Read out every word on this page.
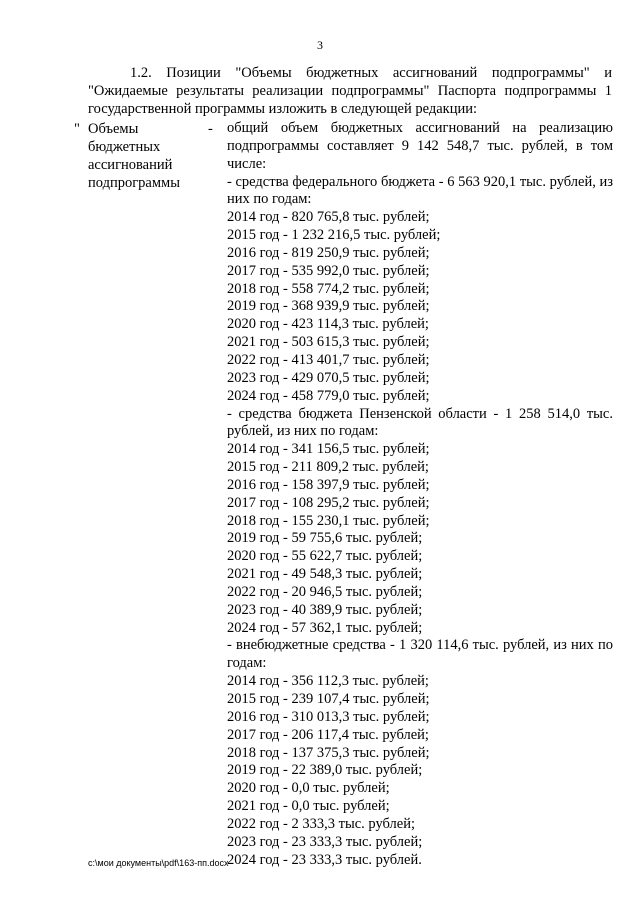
3
1.2. Позиции "Объемы бюджетных ассигнований подпрограммы" и "Ожидаемые результаты реализации подпрограммы" Паспорта подпрограммы 1 государственной программы изложить в следующей редакции:
" Объемы бюджетных ассигнований подпрограммы
- общий объем бюджетных ассигнований на реализацию подпрограммы составляет 9 142 548,7 тыс. рублей, в том числе:
- средства федерального бюджета - 6 563 920,1 тыс. рублей, из них по годам:
2014 год - 820 765,8 тыс. рублей;
2015 год - 1 232 216,5 тыс. рублей;
2016 год - 819 250,9 тыс. рублей;
2017 год - 535 992,0 тыс. рублей;
2018 год - 558 774,2 тыс. рублей;
2019 год - 368 939,9 тыс. рублей;
2020 год - 423 114,3 тыс. рублей;
2021 год - 503 615,3 тыс. рублей;
2022 год - 413 401,7 тыс. рублей;
2023 год - 429 070,5 тыс. рублей;
2024 год - 458 779,0 тыс. рублей;
- средства бюджета Пензенской области - 1 258 514,0 тыс. рублей, из них по годам:
2014 год - 341 156,5 тыс. рублей;
2015 год - 211 809,2 тыс. рублей;
2016 год - 158 397,9 тыс. рублей;
2017 год - 108 295,2 тыс. рублей;
2018 год - 155 230,1 тыс. рублей;
2019 год - 59 755,6 тыс. рублей;
2020 год - 55 622,7 тыс. рублей;
2021 год - 49 548,3 тыс. рублей;
2022 год - 20 946,5 тыс. рублей;
2023 год - 40 389,9 тыс. рублей;
2024 год - 57 362,1 тыс. рублей;
- внебюджетные средства - 1 320 114,6 тыс. рублей, из них по годам:
2014 год - 356 112,3 тыс. рублей;
2015 год - 239 107,4 тыс. рублей;
2016 год - 310 013,3 тыс. рублей;
2017 год - 206 117,4 тыс. рублей;
2018 год - 137 375,3 тыс. рублей;
2019 год - 22 389,0 тыс. рублей;
2020 год - 0,0 тыс. рублей;
2021 год - 0,0 тыс. рублей;
2022 год - 2 333,3 тыс. рублей;
2023 год - 23 333,3 тыс. рублей;
2024 год - 23 333,3 тыс. рублей.
c:\мои документы\pdf\163-пп.docx
